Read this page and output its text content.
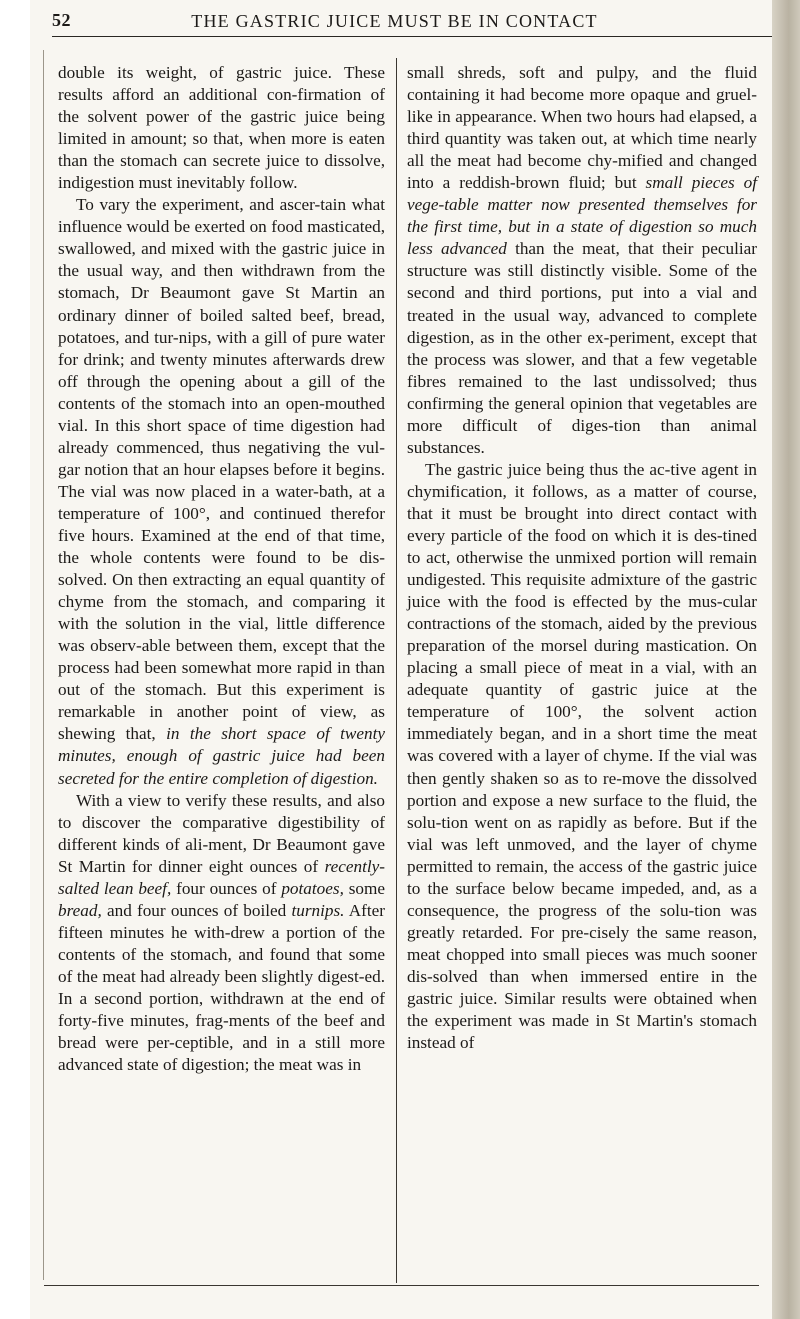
52	THE GASTRIC JUICE MUST BE IN CONTACT

double its weight, of gastric juice. These results afford an additional con-firmation of the solvent power of the gastric juice being limited in amount; so that, when more is eaten than the stomach can secrete juice to dissolve, indigestion must inevitably follow.

To vary the experiment, and ascer-tain what influence would be exerted on food masticated, swallowed, and mixed with the gastric juice in the usual way, and then withdrawn from the stomach, Dr Beaumont gave St Martin an ordinary dinner of boiled salted beef, bread, potatoes, and tur-nips, with a gill of pure water for drink; and twenty minutes afterwards drew off through the opening about a gill of the contents of the stomach into an open-mouthed vial. In this short space of time digestion had already commenced, thus negativing the vul-gar notion that an hour elapses before it begins. The vial was now placed in a water-bath, at a temperature of 100°, and continued therefor five hours. Examined at the end of that time, the whole contents were found to be dis-solved. On then extracting an equal quantity of chyme from the stomach, and comparing it with the solution in the vial, little difference was observ-able between them, except that the process had been somewhat more rapid in than out of the stomach. But this experiment is remarkable in another point of view, as shewing that, in the short space of twenty minutes, enough of gastric juice had been secreted for the entire completion of digestion.

With a view to verify these results, and also to discover the comparative digestibility of different kinds of ali-ment, Dr Beaumont gave St Martin for dinner eight ounces of recently-salted lean beef, four ounces of potatoes, some bread, and four ounces of boiled turnips. After fifteen minutes he with-drew a portion of the contents of the stomach, and found that some of the meat had already been slightly digest-ed. In a second portion, withdrawn at the end of forty-five minutes, frag-ments of the beef and bread were per-ceptible, and in a still more advanced state of digestion; the meat was in

small shreds, soft and pulpy, and the fluid containing it had become more opaque and gruel-like in appearance. When two hours had elapsed, a third quantity was taken out, at which time nearly all the meat had become chy-mified and changed into a reddish-brown fluid; but small pieces of vege-table matter now presented themselves for the first time, but in a state of digestion so much less advanced than the meat, that their peculiar structure was still distinctly visible. Some of the second and third portions, put into a vial and treated in the usual way, advanced to complete digestion, as in the other ex-periment, except that the process was slower, and that a few vegetable fibres remained to the last undissolved; thus confirming the general opinion that vegetables are more difficult of diges-tion than animal substances.

The gastric juice being thus the ac-tive agent in chymification, it follows, as a matter of course, that it must be brought into direct contact with every particle of the food on which it is des-tined to act, otherwise the unmixed portion will remain undigested. This requisite admixture of the gastric juice with the food is effected by the mus-cular contractions of the stomach, aided by the previous preparation of the morsel during mastication. On placing a small piece of meat in a vial, with an adequate quantity of gastric juice at the temperature of 100°, the solvent action immediately began, and in a short time the meat was covered with a layer of chyme. If the vial was then gently shaken so as to re-move the dissolved portion and expose a new surface to the fluid, the solu-tion went on as rapidly as before. But if the vial was left unmoved, and the layer of chyme permitted to remain, the access of the gastric juice to the surface below became impeded, and, as a consequence, the progress of the solu-tion was greatly retarded. For pre-cisely the same reason, meat chopped into small pieces was much sooner dis-solved than when immersed entire in the gastric juice. Similar results were obtained when the experiment was made in St Martin's stomach instead of
